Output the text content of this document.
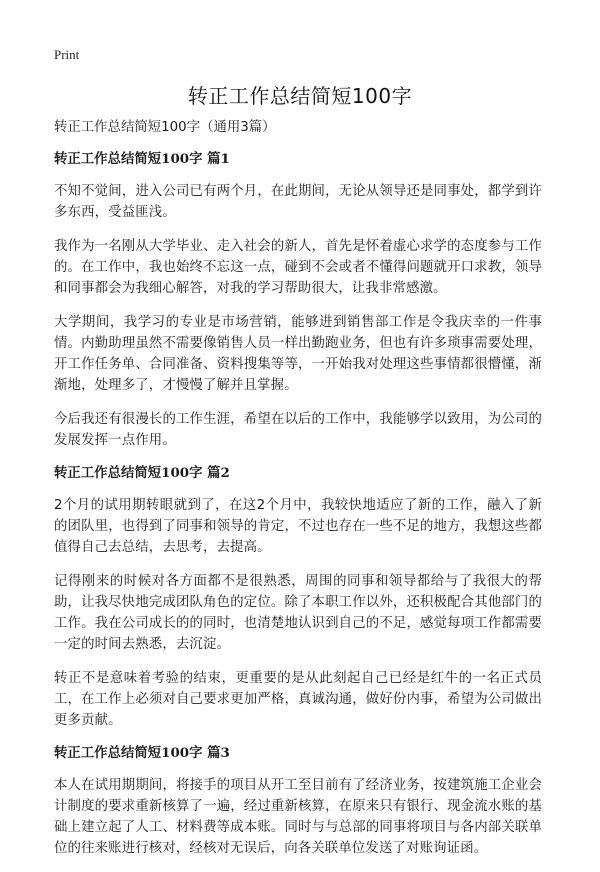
Print
转正工作总结简短100字

转正工作总结简短100字（通用3篇）

转正工作总结简短100字 篇1

不知不觉间，进入公司已有两个月，在此期间，无论从领导还是同事处，都学到许多东西，受益匪浅。

我作为一名刚从大学毕业、走入社会的新人，首先是怀着虚心求学的态度参与工作的。在工作中，我也始终不忘这一点，碰到不会或者不懂得问题就开口求教，领导和同事都会为我细心解答，对我的学习帮助很大，让我非常感激。

大学期间，我学习的专业是市场营销，能够进到销售部工作是令我庆幸的一件事情。内勤助理虽然不需要像销售人员一样出勤跑业务，但也有许多琐事需要处理，开工作任务单、合同准备、资料搜集等等，一开始我对处理这些事情都很懵懂，渐渐地，处理多了，才慢慢了解并且掌握。

今后我还有很漫长的工作生涯，希望在以后的工作中，我能够学以致用，为公司的发展发挥一点作用。

转正工作总结简短100字 篇2

2个月的试用期转眼就到了，在这2个月中，我较快地适应了新的工作，融入了新的团队里，也得到了同事和领导的肯定，不过也存在一些不足的地方，我想这些都值得自己去总结，去思考，去提高。

记得刚来的时候对各方面都不是很熟悉，周围的同事和领导都给与了我很大的帮助，让我尽快地完成团队角色的定位。除了本职工作以外，还积极配合其他部门的工作。我在公司成长的的同时，也清楚地认识到自己的不足，感觉每项工作都需要一定的时间去熟悉，去沉淀。

转正不是意味着考验的结束，更重要的是从此刻起自己已经是红牛的一名正式员工，在工作上必须对自己要求更加严格，真诚沟通，做好份内事，希望为公司做出更多贡献。

转正工作总结简短100字 篇3

本人在试用期期间，将接手的项目从开工至目前有了经济业务，按建筑施工企业会计制度的要求重新核算了一遍，经过重新核算，在原来只有银行、现金流水账的基础上建立起了人工、材料费等成本账。同时与与总部的同事将项目与各内部关联单位的往来账进行核对，经核对无误后，向各关联单位发送了对账询证函。
